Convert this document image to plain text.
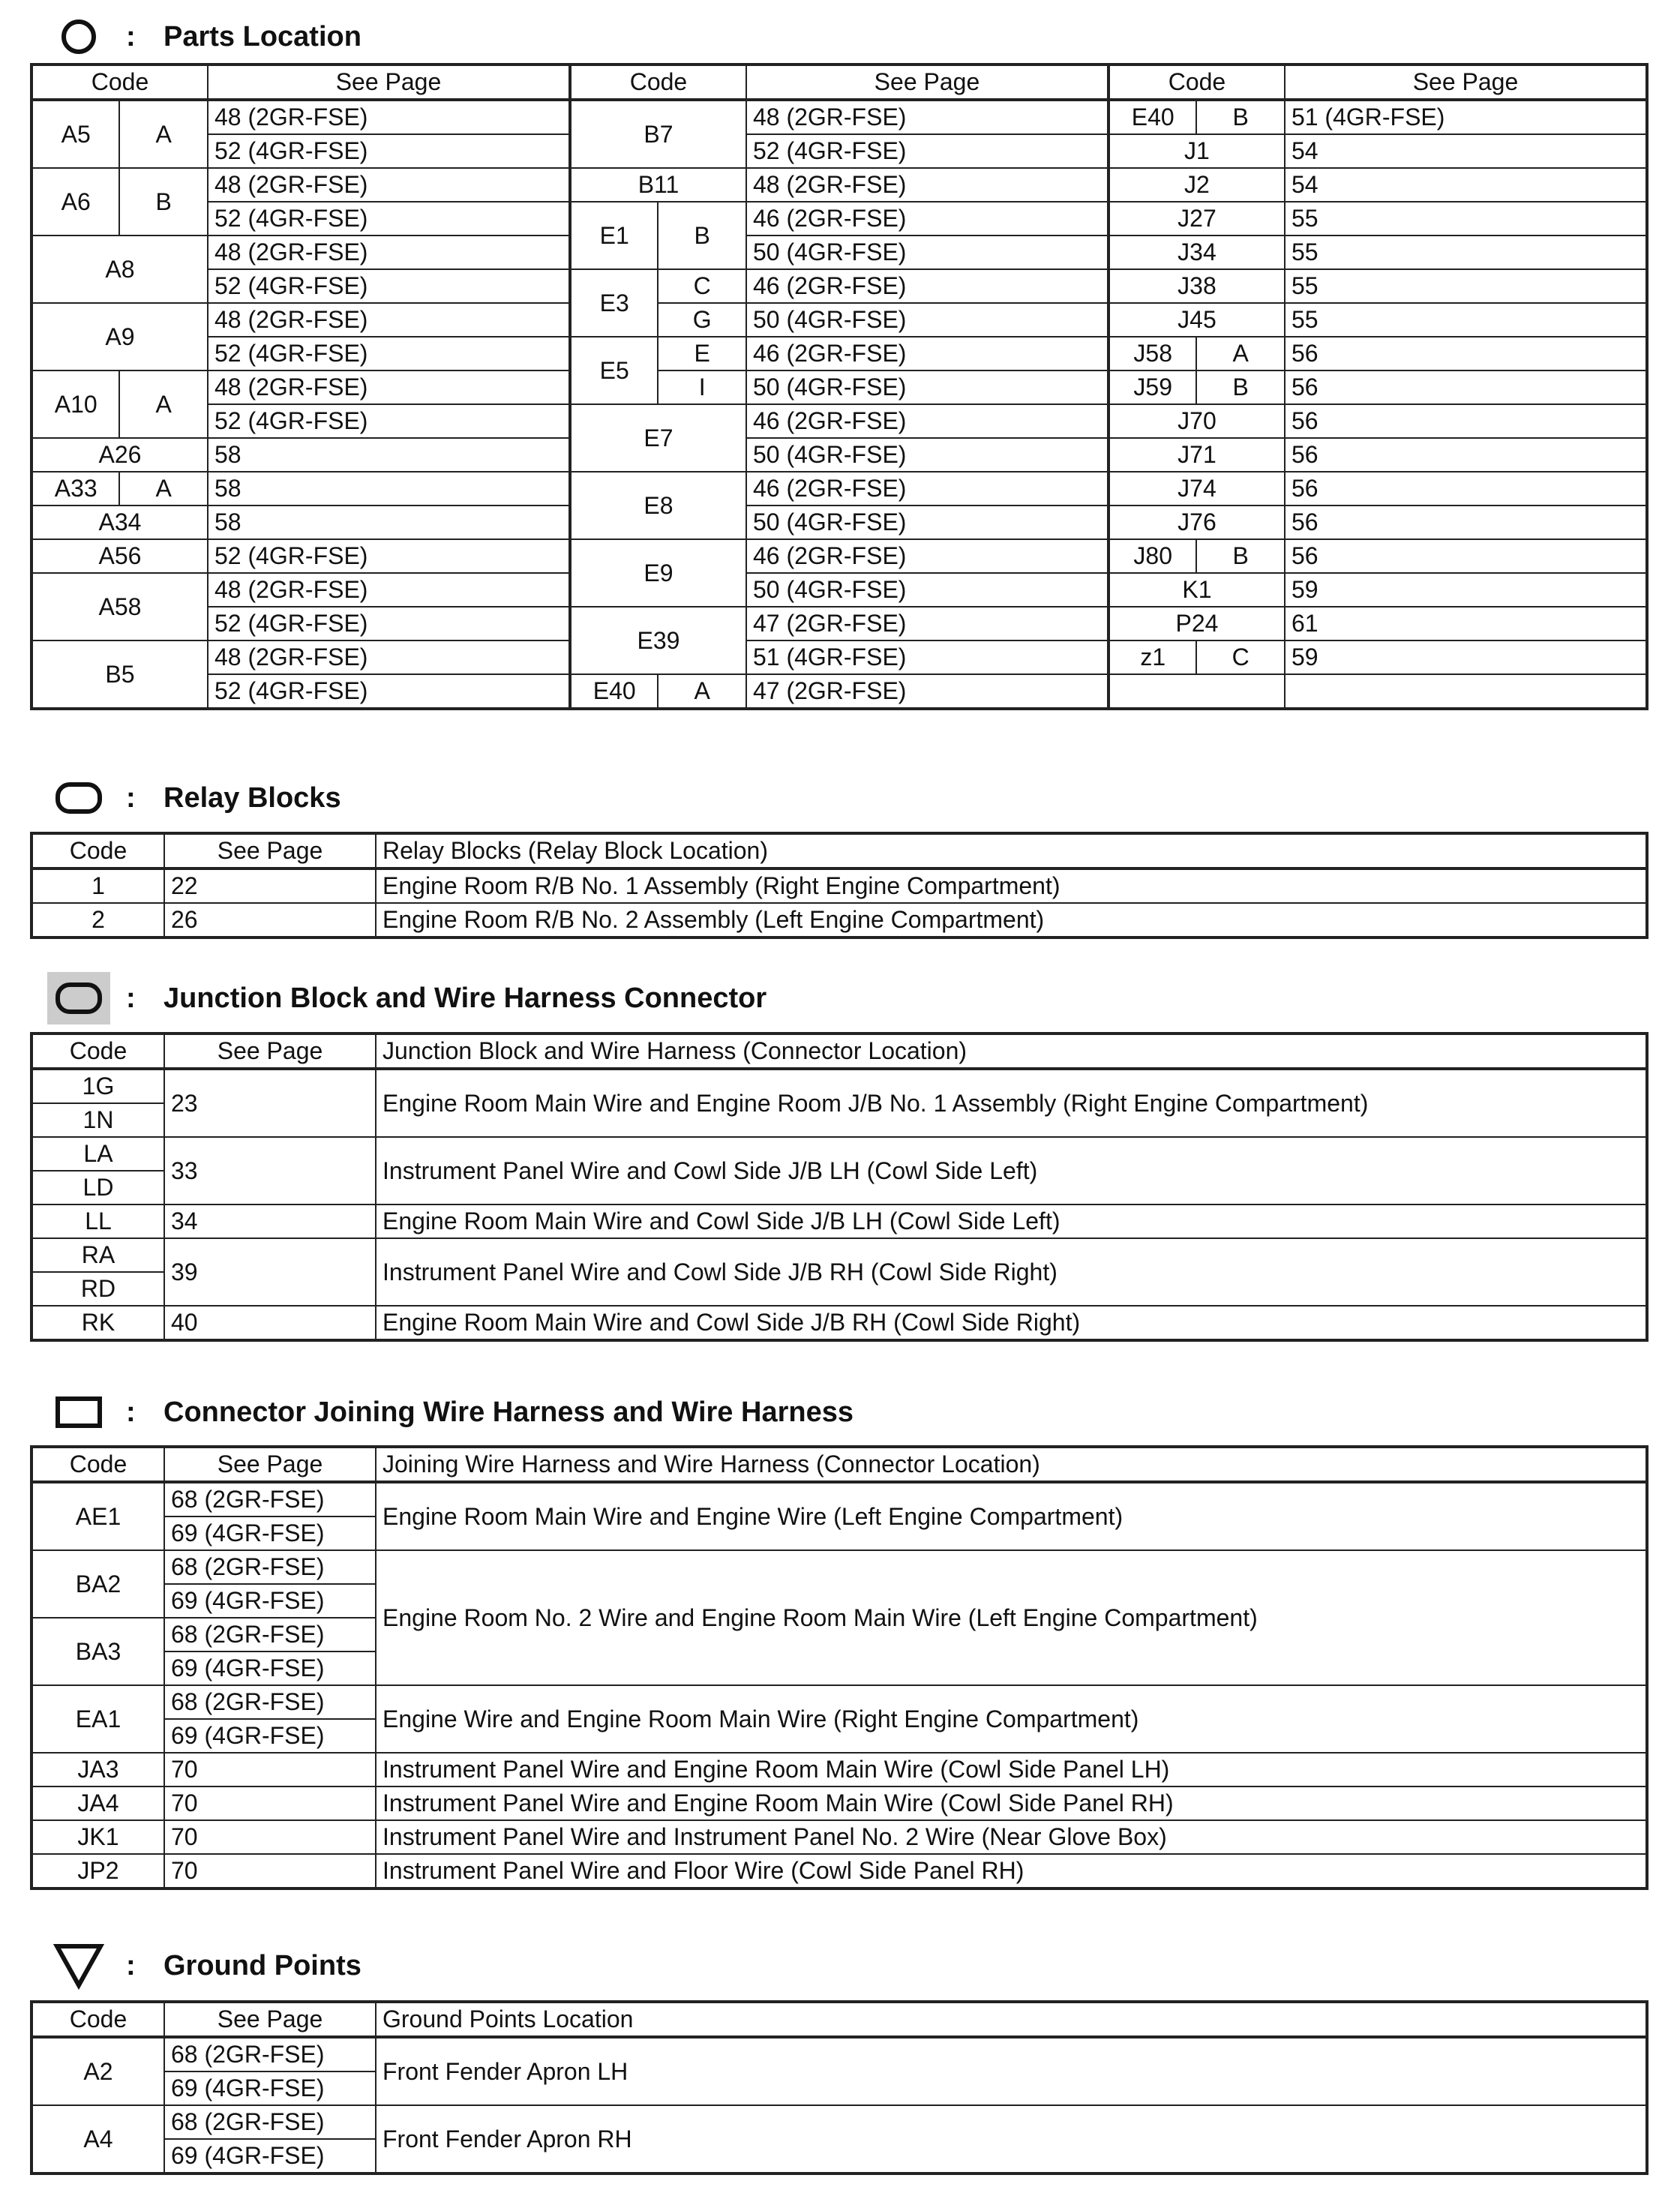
: Parts Location
Code		See Page	Code		See Page	Code		See Page
A5	A	48 (2GR-FSE)	B7		48 (2GR-FSE)	E40	B	51 (4GR-FSE)
		52 (4GR-FSE)			52 (4GR-FSE)	J1		54
A6	B	48 (2GR-FSE)	B11		48 (2GR-FSE)	J2		54
		52 (4GR-FSE)	E1	B	46 (2GR-FSE)	J27		55
A8		48 (2GR-FSE)			50 (4GR-FSE)	J34		55
		52 (4GR-FSE)	E3	C	46 (2GR-FSE)	J38		55
A9		48 (2GR-FSE)		G	50 (4GR-FSE)	J45		55
		52 (4GR-FSE)	E5	E	46 (2GR-FSE)	J58	A	56
A10	A	48 (2GR-FSE)		I	50 (4GR-FSE)	J59	B	56
		52 (4GR-FSE)	E7		46 (2GR-FSE)	J70		56
A26		58			50 (4GR-FSE)	J71		56
A33	A	58	E8		46 (2GR-FSE)	J74		56
A34		58			50 (4GR-FSE)	J76		56
A56		52 (4GR-FSE)	E9		46 (2GR-FSE)	J80	B	56
A58		48 (2GR-FSE)			50 (4GR-FSE)	K1		59
		52 (4GR-FSE)	E39		47 (2GR-FSE)	P24		61
B5		48 (2GR-FSE)			51 (4GR-FSE)	z1	C	59
		52 (4GR-FSE)	E40	A	47 (2GR-FSE)			
: Relay Blocks
Code	See Page	Relay Blocks (Relay Block Location)
1	22	Engine Room R/B No. 1 Assembly (Right Engine Compartment)
2	26	Engine Room R/B No. 2 Assembly (Left Engine Compartment)
: Junction Block and Wire Harness Connector
Code	See Page	Junction Block and Wire Harness (Connector Location)
1G	23	Engine Room Main Wire and Engine Room J/B No. 1 Assembly (Right Engine Compartment)
1N		
LA	33	Instrument Panel Wire and Cowl Side J/B LH (Cowl Side Left)
LD		
LL	34	Engine Room Main Wire and Cowl Side J/B LH (Cowl Side Left)
RA	39	Instrument Panel Wire and Cowl Side J/B RH (Cowl Side Right)
RD		
RK	40	Engine Room Main Wire and Cowl Side J/B RH (Cowl Side Right)
: Connector Joining Wire Harness and Wire Harness
Code	See Page	Joining Wire Harness and Wire Harness (Connector Location)
AE1	68 (2GR-FSE)	Engine Room Main Wire and Engine Wire (Left Engine Compartment)
	69 (4GR-FSE)	
BA2	68 (2GR-FSE)	Engine Room No. 2 Wire and Engine Room Main Wire (Left Engine Compartment)
	69 (4GR-FSE)	
BA3	68 (2GR-FSE)	
	69 (4GR-FSE)	
EA1	68 (2GR-FSE)	Engine Wire and Engine Room Main Wire (Right Engine Compartment)
	69 (4GR-FSE)	
JA3	70	Instrument Panel Wire and Engine Room Main Wire (Cowl Side Panel LH)
JA4	70	Instrument Panel Wire and Engine Room Main Wire (Cowl Side Panel RH)
JK1	70	Instrument Panel Wire and Instrument Panel No. 2 Wire (Near Glove Box)
JP2	70	Instrument Panel Wire and Floor Wire (Cowl Side Panel RH)
: Ground Points
Code	See Page	Ground Points Location
A2	68 (2GR-FSE)	Front Fender Apron LH
	69 (4GR-FSE)	
A4	68 (2GR-FSE)	Front Fender Apron RH
	69 (4GR-FSE)	
